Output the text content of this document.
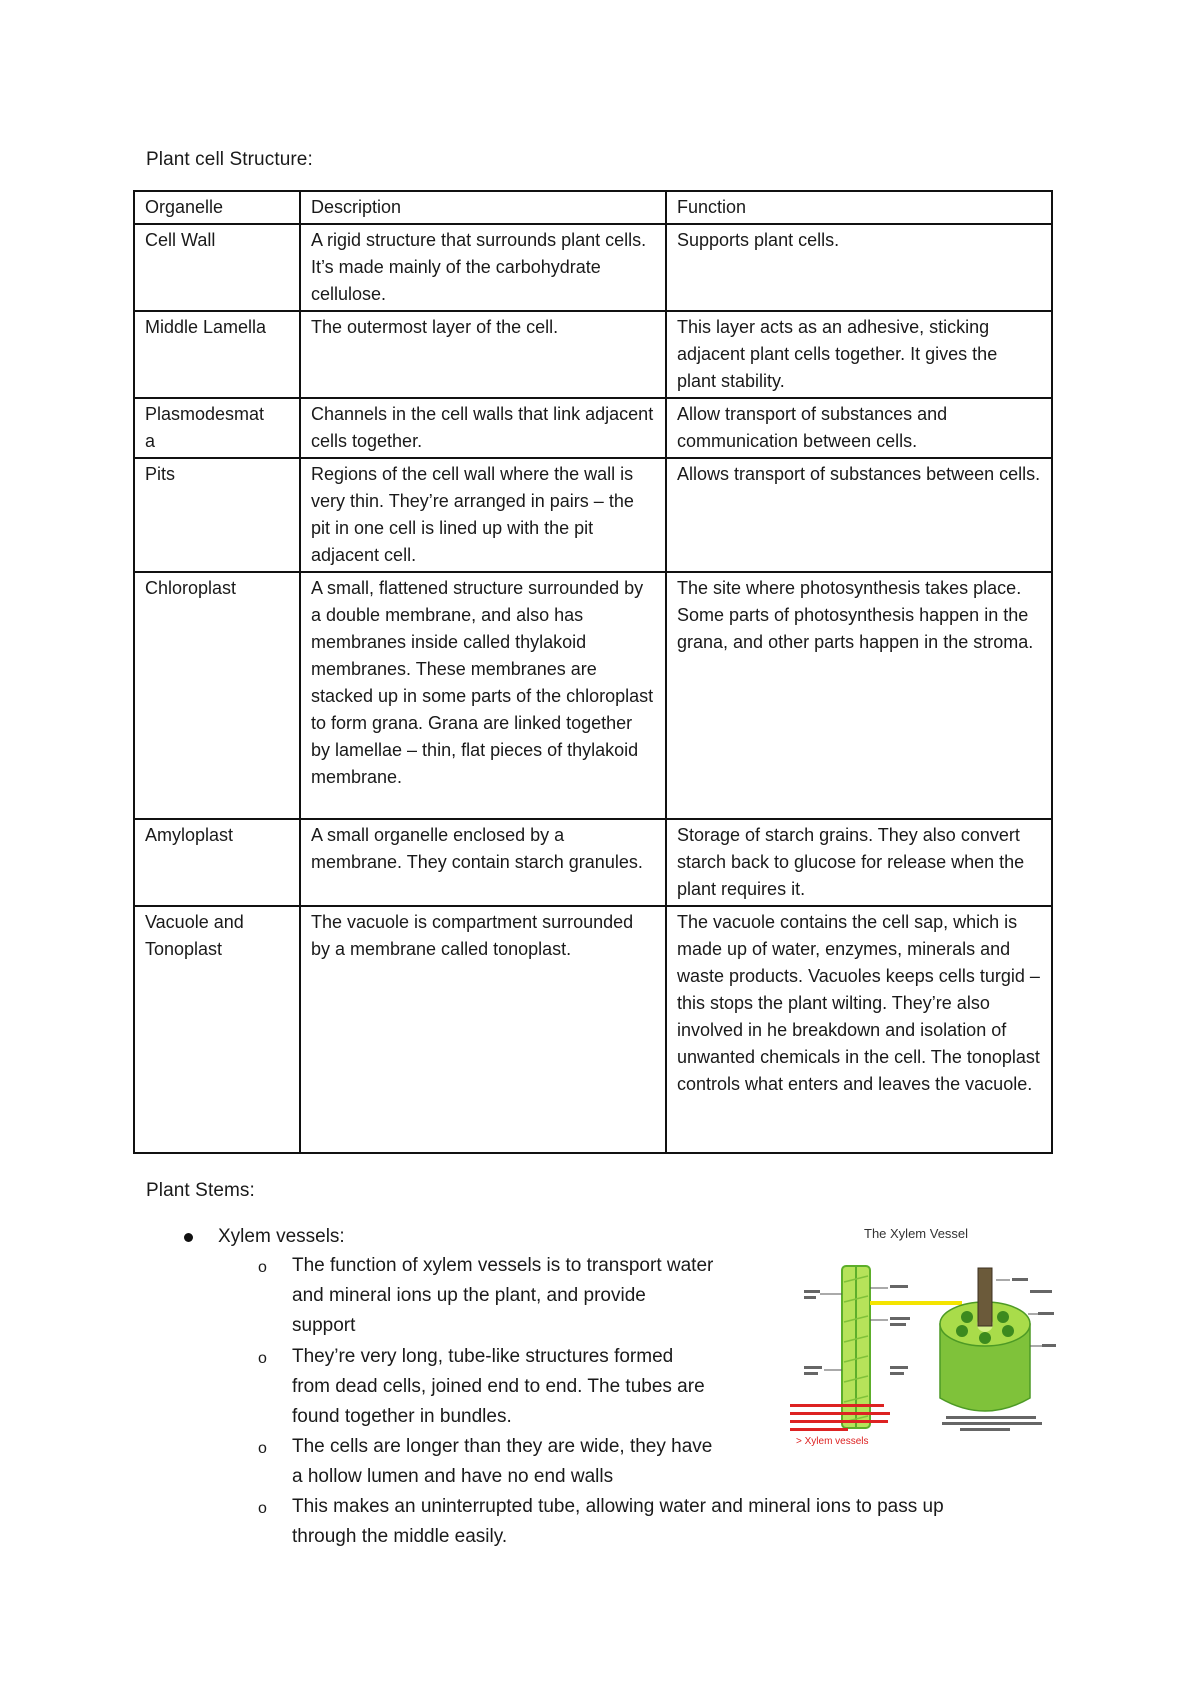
Plant cell Structure:
Organelle	Description	Function
Cell Wall	A rigid structure that surrounds plant cells. It’s made mainly of the carbohydrate cellulose.	Supports plant cells.
Middle Lamella	The outermost layer of the cell.	This layer acts as an adhesive, sticking adjacent plant cells together. It gives the plant stability.

Plasmodesmata	Channels in the cell walls that link adjacent cells together.	Allow transport of substances and communication between cells.
Pits	Regions of the cell wall where the wall is very thin. They’re arranged in pairs – the pit in one cell is lined up with the pit adjacent cell.	Allows transport of substances between cells.
Chloroplast	A small, flattened structure surrounded by a double membrane, and also has membranes inside called thylakoid membranes. These membranes are stacked up in some parts of the chloroplast to form grana. Grana are linked together by lamellae – thin, flat pieces of thylakoid membrane.	The site where photosynthesis takes place. Some parts of photosynthesis happen in the grana, and other parts happen in the stroma.
Amyloplast	A small organelle enclosed by a membrane. They contain starch granules.	Storage of starch grains. They also convert starch back to glucose for release when the plant requires it.

Vacuole and Tonoplast	The vacuole is compartment surrounded by a membrane called tonoplast.	The vacuole contains the cell sap, which is made up of water, enzymes, minerals and waste products. Vacuoles keeps cells turgid – this stops the plant wilting. They’re also involved in he breakdown and isolation of unwanted chemicals in the cell. The tonoplast controls what enters and leaves the vacuole.
Plant Stems:
Xylem vessels:
o The function of xylem vessels is to transport water
and mineral ions up the plant, and provide
support
o They’re very long, tube-like structures formed
from dead cells, joined end to end. The tubes are
found together in bundles.
o The cells are longer than they are wide, they have
a hollow lumen and have no end walls
o This makes an uninterrupted tube, allowing water and mineral ions to pass up
through the middle easily.
The Xylem Vessel
> Xylem vessels
